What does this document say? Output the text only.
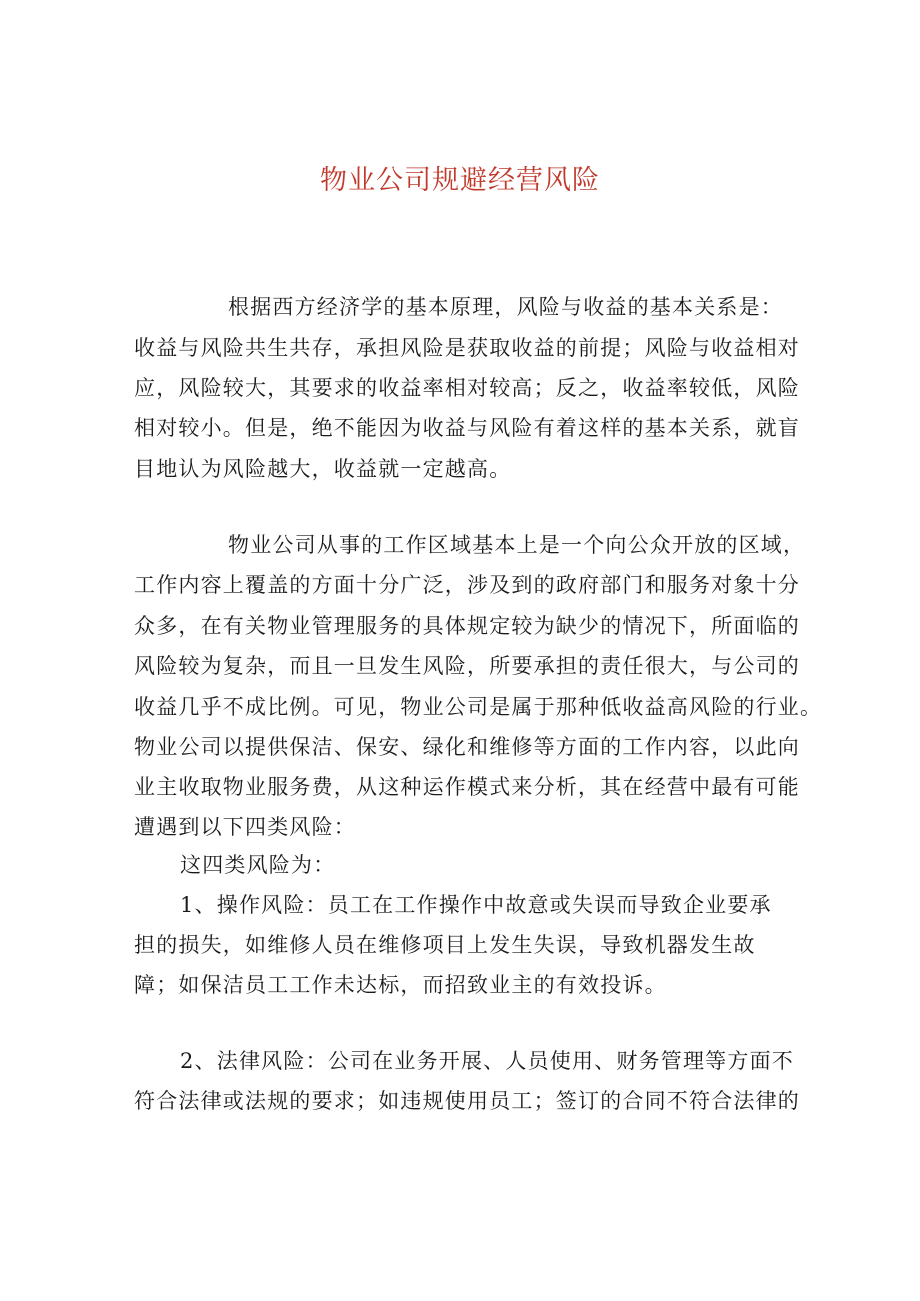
物业公司规避经营风险

根据西方经济学的基本原理，风险与收益的基本关系是：

收益与风险共生共存，承担风险是获取收益的前提；风险与收益相对

应，风险较大，其要求的收益率相对较高；反之，收益率较低，风险

相对较小。但是，绝不能因为收益与风险有着这样的基本关系，就盲

目地认为风险越大，收益就一定越高。

物业公司从事的工作区域基本上是一个向公众开放的区域，

工作内容上覆盖的方面十分广泛，涉及到的政府部门和服务对象十分

众多，在有关物业管理服务的具体规定较为缺少的情况下，所面临的

风险较为复杂，而且一旦发生风险，所要承担的责任很大，与公司的

收益几乎不成比例。可见，物业公司是属于那种低收益高风险的行业。

物业公司以提供保洁、保安、绿化和维修等方面的工作内容，以此向

业主收取物业服务费，从这种运作模式来分析，其在经营中最有可能

遭遇到以下四类风险：

这四类风险为：

1、操作风险：员工在工作操作中故意或失误而导致企业要承

担的损失，如维修人员在维修项目上发生失误，导致机器发生故

障；如保洁员工工作未达标，而招致业主的有效投诉。

2、法律风险：公司在业务开展、人员使用、财务管理等方面不

符合法律或法规的要求；如违规使用员工；签订的合同不符合法律的
